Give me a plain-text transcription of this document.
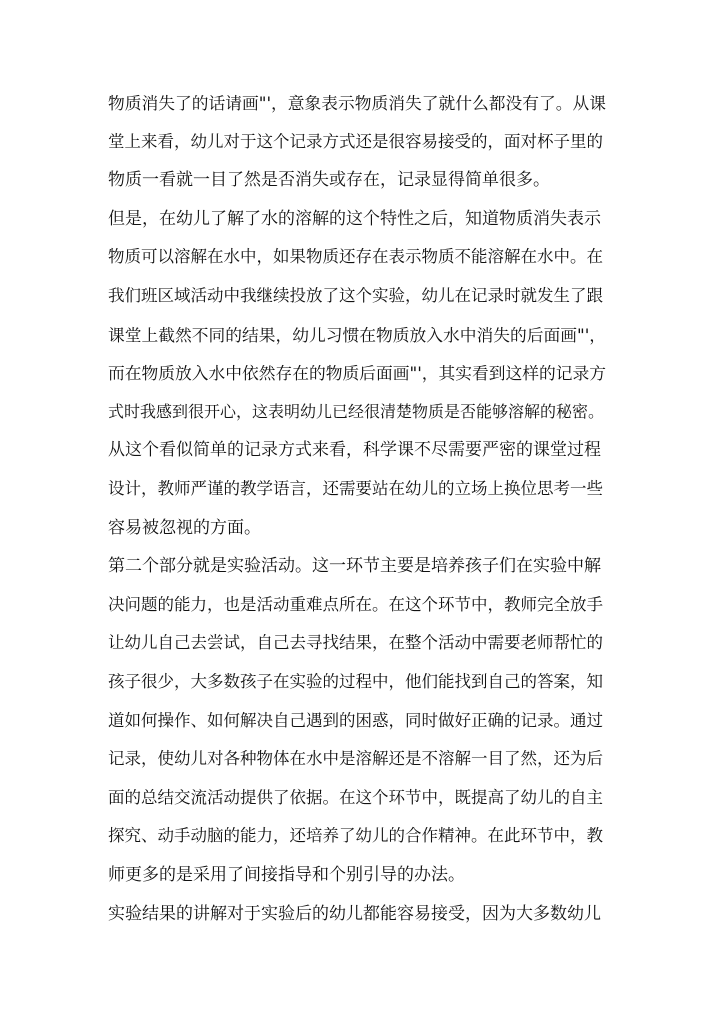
物质消失了的话请画"'，意象表示物质消失了就什么都没有了。从课
堂上来看，幼儿对于这个记录方式还是很容易接受的，面对杯子里的
物质一看就一目了然是否消失或存在，记录显得简单很多。
但是，在幼儿了解了水的溶解的这个特性之后，知道物质消失表示
物质可以溶解在水中，如果物质还存在表示物质不能溶解在水中。在
我们班区域活动中我继续投放了这个实验，幼儿在记录时就发生了跟
课堂上截然不同的结果，幼儿习惯在物质放入水中消失的后面画"'，
而在物质放入水中依然存在的物质后面画"'，其实看到这样的记录方
式时我感到很开心，这表明幼儿已经很清楚物质是否能够溶解的秘密。
从这个看似简单的记录方式来看，科学课不尽需要严密的课堂过程
设计，教师严谨的教学语言，还需要站在幼儿的立场上换位思考一些
容易被忽视的方面。
第二个部分就是实验活动。这一环节主要是培养孩子们在实验中解
决问题的能力，也是活动重难点所在。在这个环节中，教师完全放手
让幼儿自己去尝试，自己去寻找结果，在整个活动中需要老师帮忙的
孩子很少，大多数孩子在实验的过程中，他们能找到自己的答案，知
道如何操作、如何解决自己遇到的困惑，同时做好正确的记录。通过
记录，使幼儿对各种物体在水中是溶解还是不溶解一目了然，还为后
面的总结交流活动提供了依据。在这个环节中，既提高了幼儿的自主
探究、动手动脑的能力，还培养了幼儿的合作精神。在此环节中，教
师更多的是采用了间接指导和个别引导的办法。
实验结果的讲解对于实验后的幼儿都能容易接受，因为大多数幼儿
